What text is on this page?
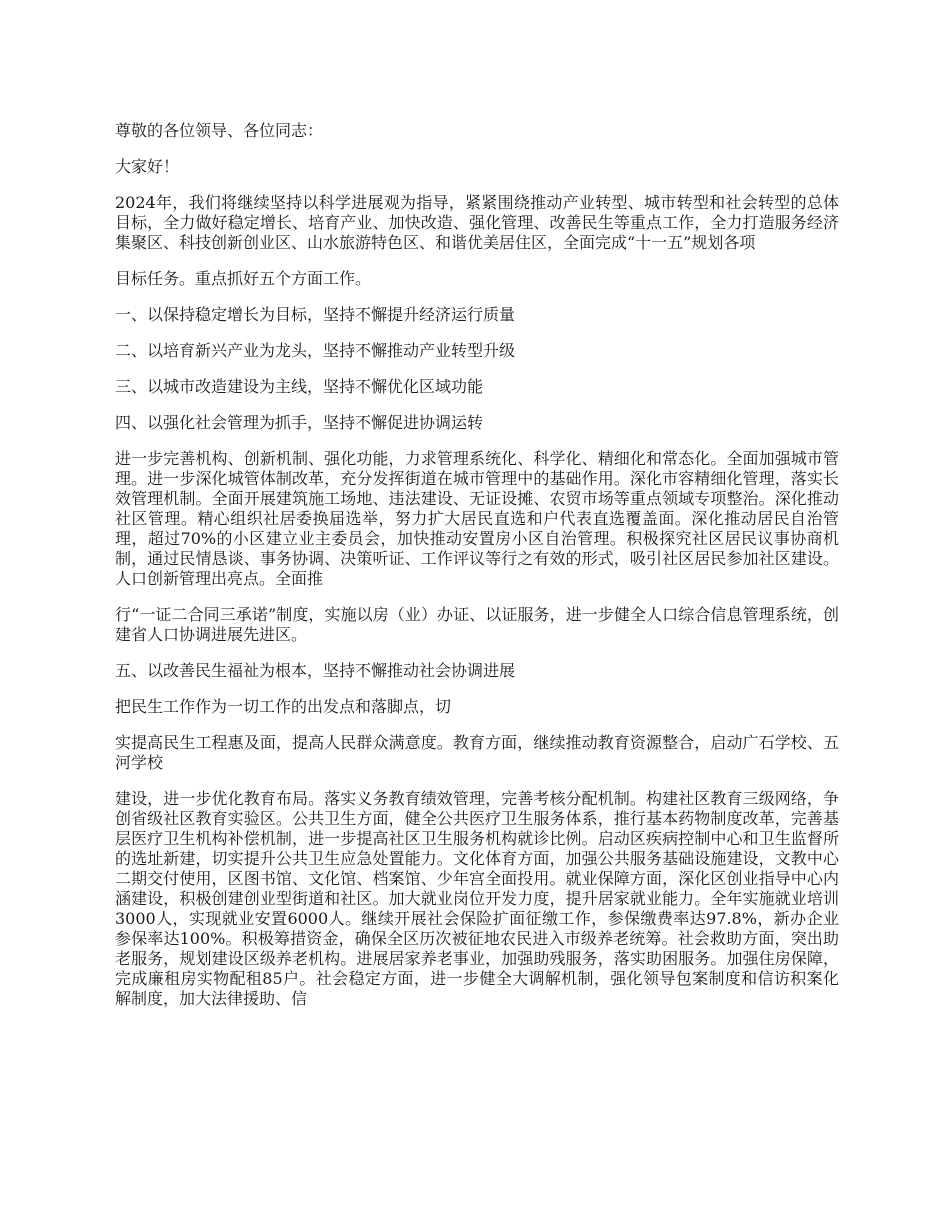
尊敬的各位领导、各位同志：

大家好！

2024年，我们将继续坚持以科学进展观为指导，紧紧围绕推动产业转型、城市转型和社会转型的总体目标，全力做好稳定增长、培育产业、加快改造、强化管理、改善民生等重点工作，全力打造服务经济集聚区、科技创新创业区、山水旅游特色区、和谐优美居住区，全面完成“十一五”规划各项

目标任务。重点抓好五个方面工作。

一、以保持稳定增长为目标，坚持不懈提升经济运行质量

二、以培育新兴产业为龙头，坚持不懈推动产业转型升级

三、以城市改造建设为主线，坚持不懈优化区域功能

四、以强化社会管理为抓手，坚持不懈促进协调运转

进一步完善机构、创新机制、强化功能，力求管理系统化、科学化、精细化和常态化。全面加强城市管理。进一步深化城管体制改革，充分发挥街道在城市管理中的基础作用。深化市容精细化管理，落实长效管理机制。全面开展建筑施工场地、违法建设、无证设摊、农贸市场等重点领域专项整治。深化推动社区管理。精心组织社居委换届选举，努力扩大居民直选和户代表直选覆盖面。深化推动居民自治管理，超过70%的小区建立业主委员会，加快推动安置房小区自治管理。积极探究社区居民议事协商机制，通过民情恳谈、事务协调、决策听证、工作评议等行之有效的形式，吸引社区居民参加社区建设。人口创新管理出亮点。全面推

行“一证二合同三承诺”制度，实施以房（业）办证、以证服务，进一步健全人口综合信息管理系统，创建省人口协调进展先进区。

五、以改善民生福祉为根本，坚持不懈推动社会协调进展

把民生工作作为一切工作的出发点和落脚点，切

实提高民生工程惠及面，提高人民群众满意度。教育方面，继续推动教育资源整合，启动广石学校、五河学校

建设，进一步优化教育布局。落实义务教育绩效管理，完善考核分配机制。构建社区教育三级网络，争创省级社区教育实验区。公共卫生方面，健全公共医疗卫生服务体系，推行基本药物制度改革，完善基层医疗卫生机构补偿机制，进一步提高社区卫生服务机构就诊比例。启动区疾病控制中心和卫生监督所的选址新建，切实提升公共卫生应急处置能力。文化体育方面，加强公共服务基础设施建设，文教中心二期交付使用，区图书馆、文化馆、档案馆、少年宫全面投用。就业保障方面，深化区创业指导中心内涵建设，积极创建创业型街道和社区。加大就业岗位开发力度，提升居家就业能力。全年实施就业培训3000人，实现就业安置6000人。继续开展社会保险扩面征缴工作，参保缴费率达97.8%，新办企业参保率达100%。积极筹措资金，确保全区历次被征地农民进入市级养老统筹。社会救助方面，突出助老服务，规划建设区级养老机构。进展居家养老事业，加强助残服务，落实助困服务。加强住房保障，完成廉租房实物配租85户。社会稳定方面，进一步健全大调解机制，强化领导包案制度和信访积案化解制度，加大法律援助、信
